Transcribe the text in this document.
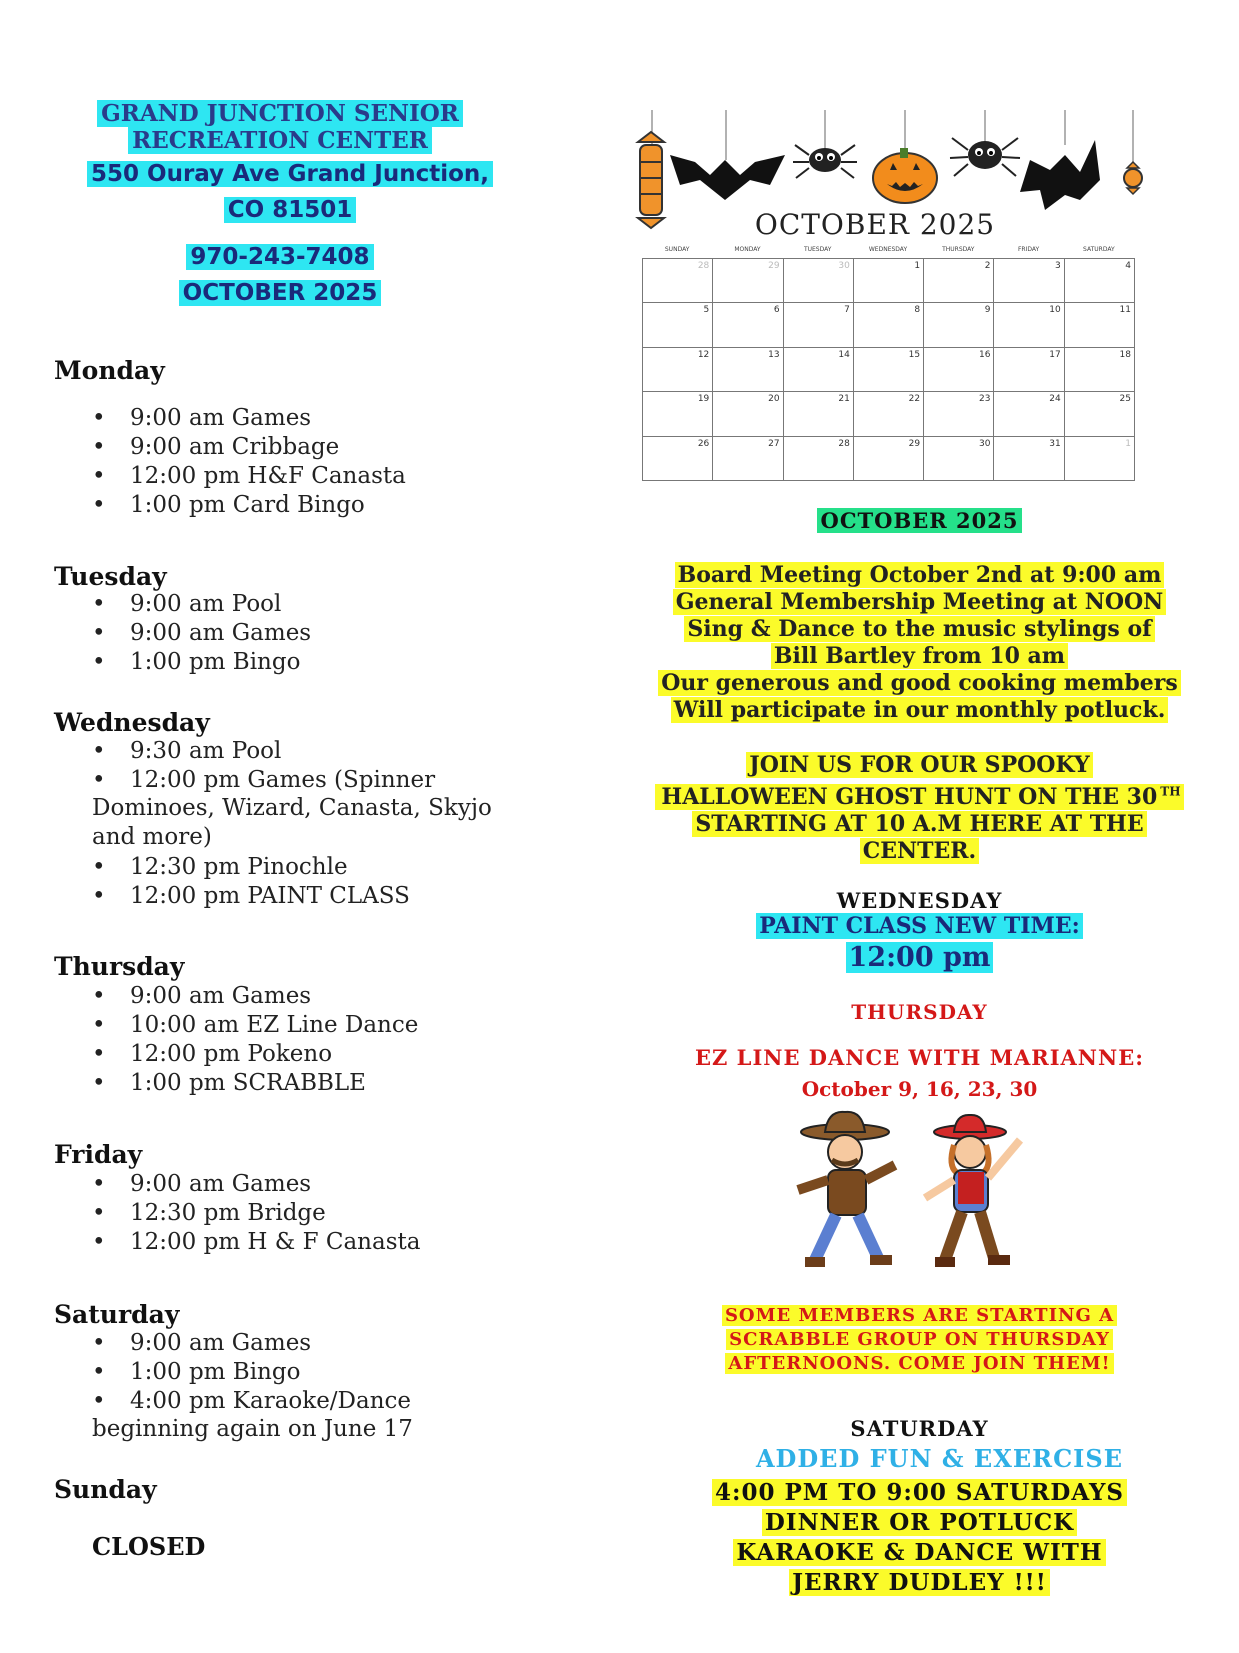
GRAND JUNCTION SENIOR
RECREATION CENTER
550 Ouray Ave Grand Junction,
CO 81501
970-243-7408
OCTOBER 2025
Monday
• 9:00 am Games
• 9:00 am Cribbage
• 12:00 pm H&F Canasta
• 1:00 pm Card Bingo
Tuesday
• 9:00 am Pool
• 9:00 am Games
• 1:00 pm Bingo
Wednesday
• 9:30 am Pool
• 12:00 pm Games (Spinner
Dominoes, Wizard, Canasta, Skyjo
and more)
• 12:30 pm Pinochle
• 12:00 pm PAINT CLASS
Thursday
• 9:00 am Games
• 10:00 am EZ Line Dance
• 12:00 pm Pokeno
• 1:00 pm SCRABBLE
Friday
• 9:00 am Games
• 12:30 pm Bridge
• 12:00 pm H & F Canasta
Saturday
• 9:00 am Games
• 1:00 pm Bingo
• 4:00 pm Karaoke/Dance
beginning again on June 17
Sunday
CLOSED
OCTOBER 2025
SUNDAY	MONDAY	TUESDAY	WEDNESDAY	THURSDAY	FRIDAY	SATURDAY
28	29	30	1	2	3	4
5	6	7	8	9	10	11
12	13	14	15	16	17	18
19	20	21	22	23	24	25
26	27	28	29	30	31	1
OCTOBER 2025
Board Meeting October 2nd at 9:00 am
General Membership Meeting at NOON
Sing & Dance to the music stylings of
Bill Bartley from 10 am
Our generous and good cooking members
Will participate in our monthly potluck.
JOIN US FOR OUR SPOOKY
HALLOWEEN GHOST HUNT ON THE 30 $^{TH}$
STARTING AT 10 A.M HERE AT THE
CENTER.
WEDNESDAY
PAINT CLASS NEW TIME:
12:00 pm
THURSDAY
EZ LINE DANCE WITH MARIANNE:
October 9, 16, 23, 30
SOME MEMBERS ARE STARTING A
SCRABBLE GROUP ON THURSDAY
AFTERNOONS. COME JOIN THEM!
SATURDAY
ADDED FUN & EXERCISE
4:00 PM TO 9:00 SATURDAYS
DINNER OR POTLUCK
KARAOKE & DANCE WITH
JERRY DUDLEY !!!
